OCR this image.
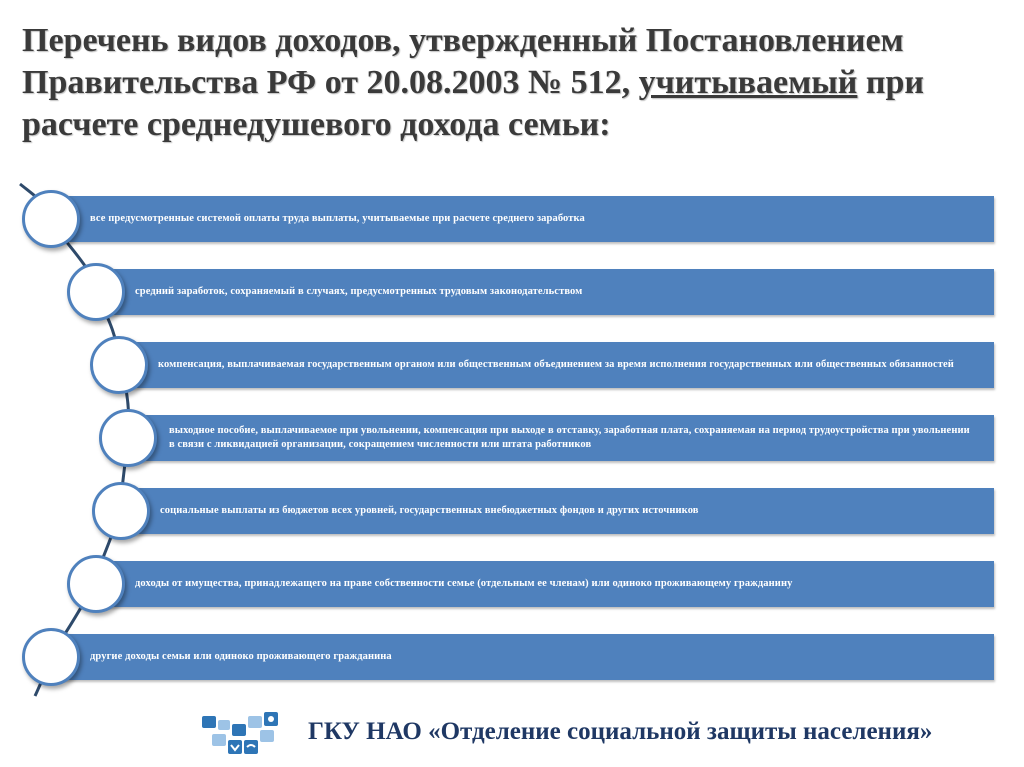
Перечень видов доходов, утвержденный Постановлением Правительства РФ от 20.08.2003 № 512, учитываемый при расчете среднедушевого дохода семьи:
все предусмотренные системой оплаты труда выплаты, учитываемые при расчете среднего заработка
средний заработок, сохраняемый в случаях, предусмотренных трудовым законодательством
компенсация, выплачиваемая государственным органом или общественным объединением за время исполнения государственных или общественных обязанностей
выходное пособие, выплачиваемое при увольнении, компенсация при выходе в отставку, заработная плата, сохраняемая на период трудоустройства при увольнении в связи с ликвидацией организации, сокращением численности или штата работников
социальные выплаты из бюджетов всех уровней, государственных внебюджетных фондов и других источников
доходы от имущества, принадлежащего на праве собственности семье (отдельным ее членам) или одиноко проживающему гражданину
другие доходы семьи или одиноко проживающего гражданина
ГКУ НАО «Отделение социальной защиты населения»
